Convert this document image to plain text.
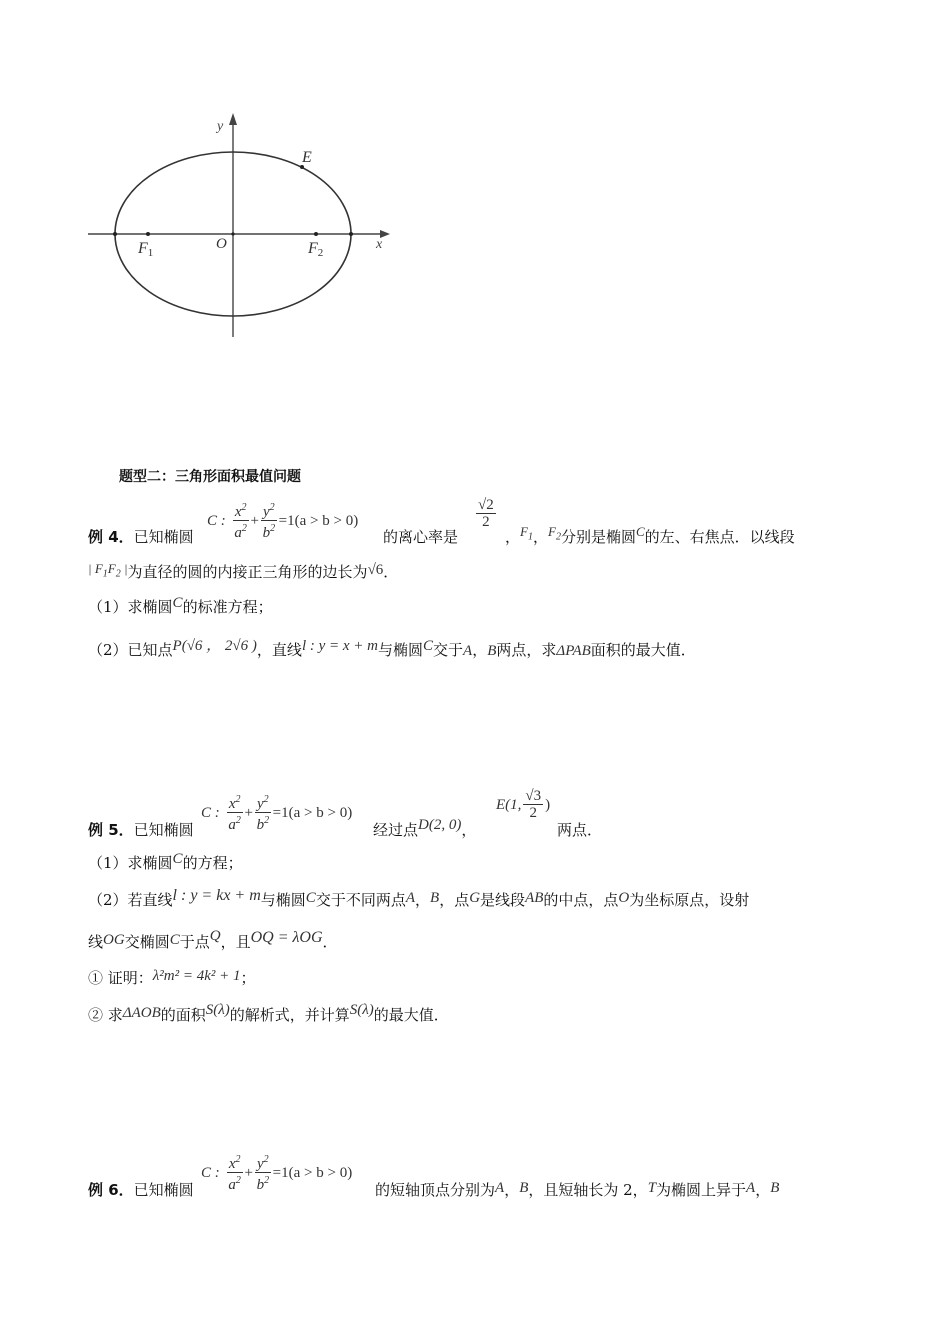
y
x
O
E
F1	F2
题型二：三角形面积最值问题
例 4．已知椭圆
C : $\frac{x^2}{a^2} + \frac{y^2}{b^2} =1(a > b > 0)$
的离心率是
$\frac{√2}{2}$
，$F_1$，$F_2$分别是椭圆C的左、右焦点．以线段
| $F_1F_2$ |为直径的圆的内接正三角形的边长为√6．
（1）求椭圆C的标准方程；
（2）已知点P(√6 ， 2√6 )，直线l : y = x + m与椭圆C交于A，B两点，求ΔPAB面积的最大值．
例 5．已知椭圆
C : $\frac{x^2}{a^2} + \frac{y^2}{b^2} =1(a > b > 0)$
经过点D(2, 0)，
E(1, $\frac{√3}{2}$ )
两点．
（1）求椭圆C的方程；
（2）若直线l : y = kx + m与椭圆C交于不同两点A，B，点G是线段AB的中点，点O为坐标原点，设射
线OG交椭圆C于点Q，且OQ = λOG．
① 证明：λ²m² = 4k² + 1；
② 求ΔAOB的面积S(λ)的解析式，并计算S(λ)的最大值．
例 6．已知椭圆
C : $\frac{x^2}{a^2} + \frac{y^2}{b^2} =1(a > b > 0)$
的短轴顶点分别为A，B，且短轴长为 2，T为椭圆上异于A，B
